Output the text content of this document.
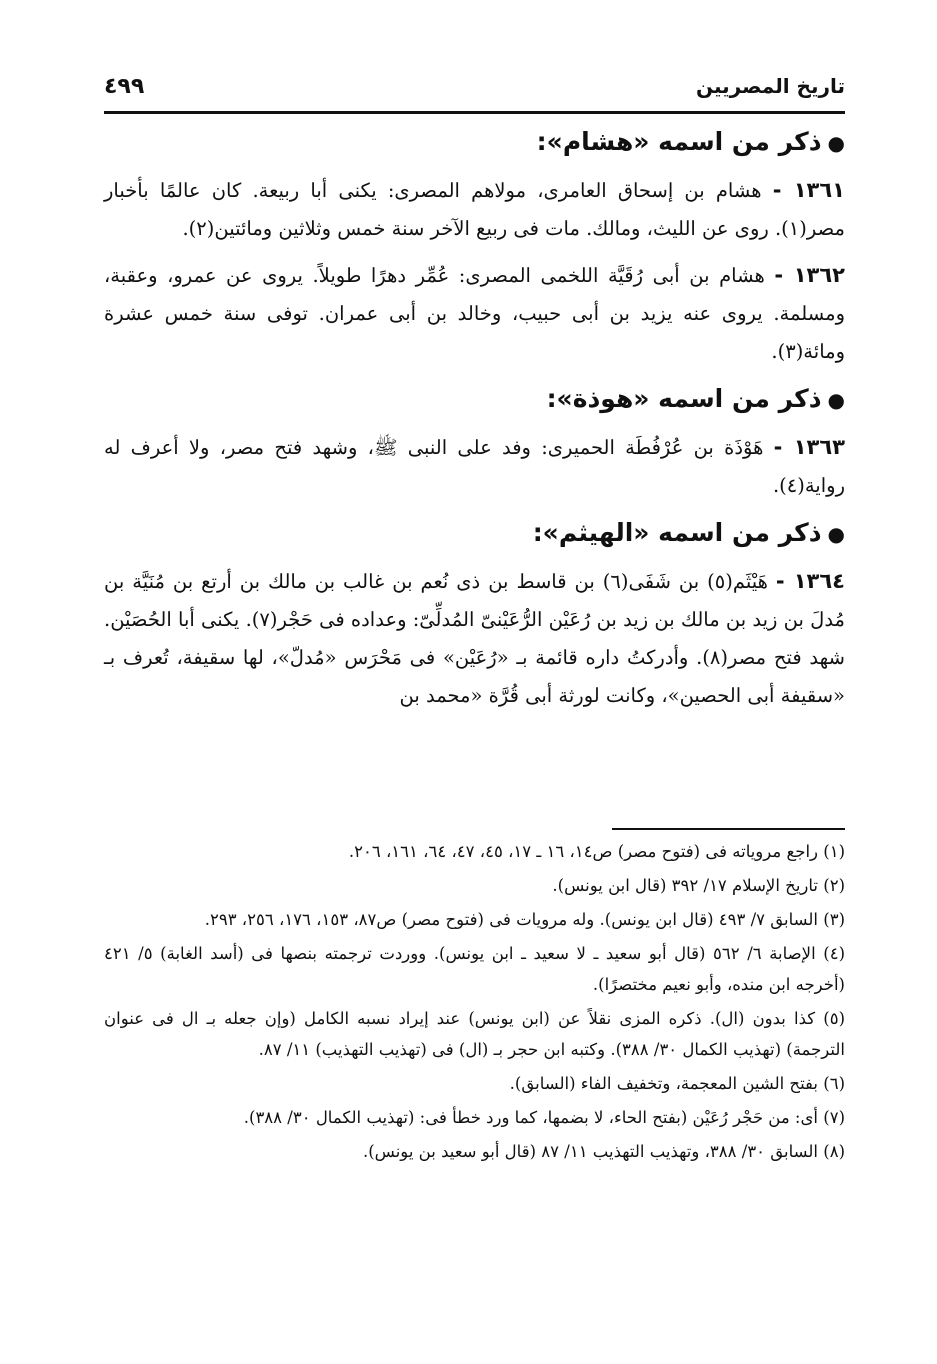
تاريخ المصريين
٤٩٩
●ذكر من اسمه «هشام»:

١٣٦١ - هشام بن إسحاق العامرى، مولاهم المصرى: يكنى أبا ربيعة. كان عالمًا بأخبار مصر(١). روى عن الليث، ومالك. مات فى ربيع الآخر سنة خمس وثلاثين ومائتين(٢).

١٣٦٢ - هشام بن أبى رُقَيَّة اللخمى المصرى: عُمِّر دهرًا طويلاً. يروى عن عمرو، وعقبة، ومسلمة. يروى عنه يزيد بن أبى حبيب، وخالد بن أبى عمران. توفى سنة خمس عشرة ومائة(٣).

●ذكر من اسمه «هوذة»:

١٣٦٣ - هَوْذَة بن عُرْفُطَة الحميرى: وفد على النبى ﷺ، وشهد فتح مصر، ولا أعرف له رواية(٤).

●ذكر من اسمه «الهيثم»:

١٣٦٤ - هَيْثَم(٥) بن شَفَى(٦) بن قاسط بن ذى نُعم بن غالب بن مالك بن أرتع بن مُنَيَّة بن مُدلَ بن زيد بن مالك بن زيد بن رُعَيْن الرُّعَيْنىّ المُدلِّىّ: وعداده فى حَجْر(٧). يكنى أبا الحُصَيْن. شهد فتح مصر(٨). وأدركتُ داره قائمة بـ «رُعَيْن» فى مَحْرَس «مُدلّ»، لها سقيفة، تُعرف بـ «سقيفة أبى الحصين»، وكانت لورثة أبى قُرَّة «محمد بن

(١) راجع مروياته فى (فتوح مصر) ص١٤، ١٦ ـ ١٧، ٤٥، ٤٧، ٦٤، ١٦١، ٢٠٦.

(٢) تاريخ الإسلام ١٧/ ٣٩٢ (قال ابن يونس).

(٣) السابق ٧/ ٤٩٣ (قال ابن يونس). وله مرويات فى (فتوح مصر) ص٨٧، ١٥٣، ١٧٦، ٢٥٦، ٢٩٣.

(٤) الإصابة ٦/ ٥٦٢ (قال أبو سعيد ـ لا سعيد ـ ابن يونس). ووردت ترجمته بنصها فى (أسد الغابة) ٥/ ٤٢١ (أخرجه ابن منده، وأبو نعيم مختصرًا).

(٥) كذا بدون (ال). ذكره المزى نقلاً عن (ابن يونس) عند إيراد نسبه الكامل (وإن جعله بـ ال فى عنوان الترجمة) (تهذيب الكمال ٣٠/ ٣٨٨). وكتبه ابن حجر بـ (ال) فى (تهذيب التهذيب) ١١/ ٨٧.

(٦) بفتح الشين المعجمة، وتخفيف الفاء (السابق).

(٧) أى: من حَجْر رُعَيْن (بفتح الحاء، لا بضمها، كما ورد خطأ فى: (تهذيب الكمال ٣٠/ ٣٨٨).

(٨) السابق ٣٠/ ٣٨٨، وتهذيب التهذيب ١١/ ٨٧ (قال أبو سعيد بن يونس).
